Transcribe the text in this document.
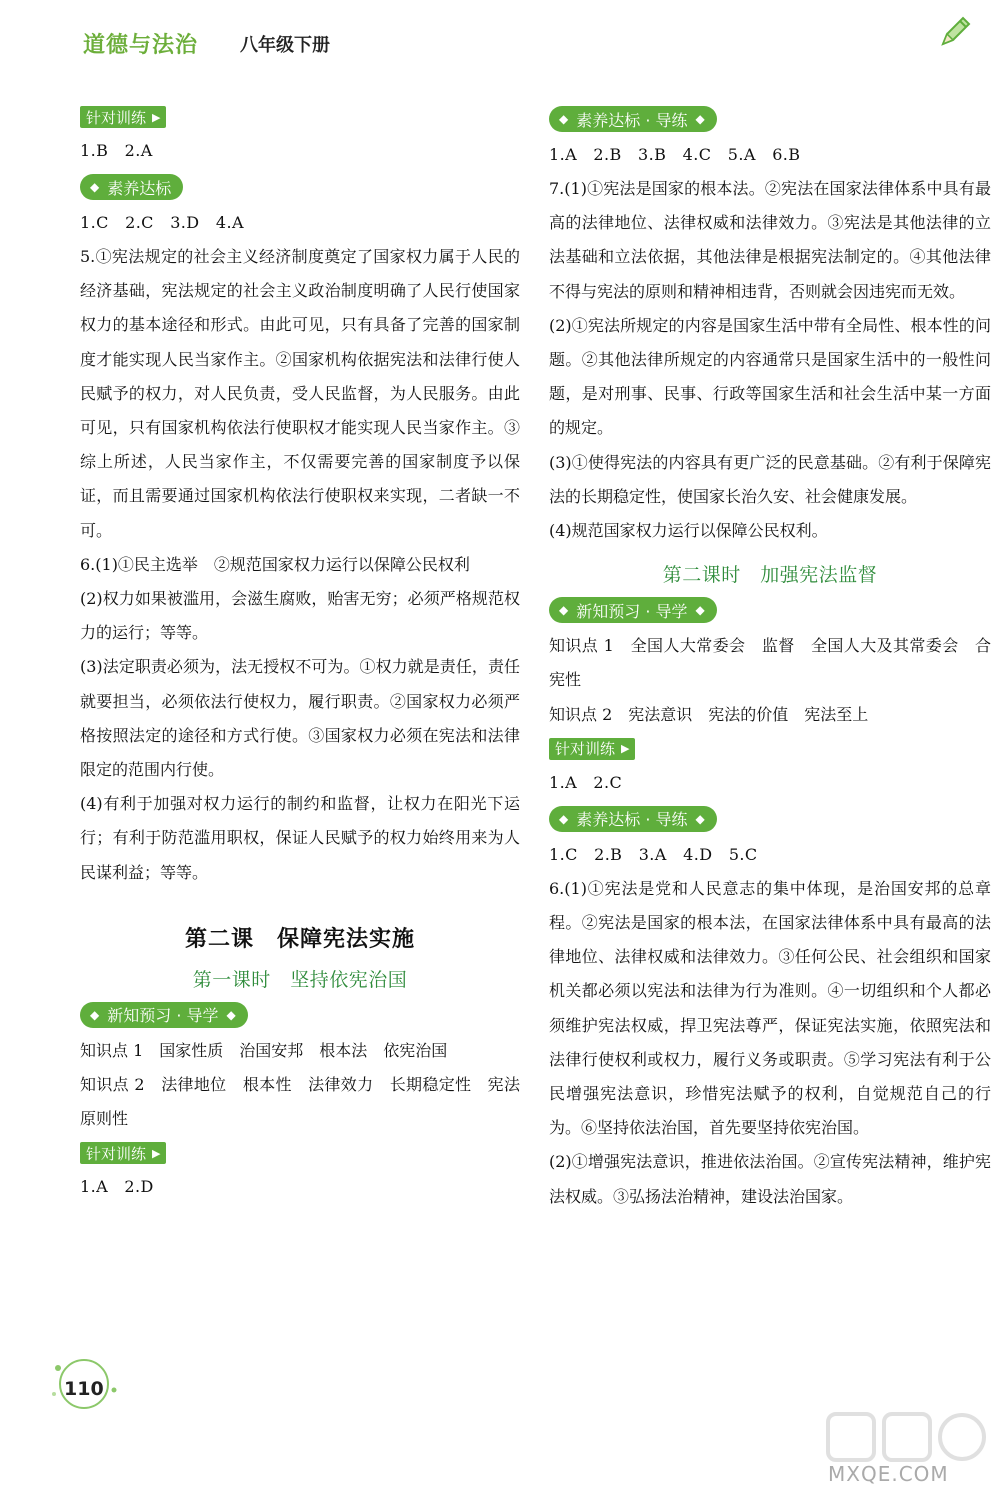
道德与法治 八年级下册
针对训练 ▶
1.B　2.A
◆ 素养达标
1.C　2.C　3.D　4.A
5.①宪法规定的社会主义经济制度奠定了国家权力属于人民的经济基础，宪法规定的社会主义政治制度明确了人民行使国家权力的基本途径和形式。由此可见，只有具备了完善的国家制度才能实现人民当家作主。②国家机构依据宪法和法律行使人民赋予的权力，对人民负责，受人民监督，为人民服务。由此可见，只有国家机构依法行使职权才能实现人民当家作主。③综上所述，人民当家作主，不仅需要完善的国家制度予以保证，而且需要通过国家机构依法行使职权来实现，二者缺一不可。
6.(1)①民主选举　②规范国家权力运行以保障公民权利
(2)权力如果被滥用，会滋生腐败，贻害无穷；必须严格规范权力的运行；等等。
(3)法定职责必须为，法无授权不可为。①权力就是责任，责任就要担当，必须依法行使权力，履行职责。②国家权力必须严格按照法定的途径和方式行使。③国家权力必须在宪法和法律限定的范围内行使。
(4)有利于加强对权力运行的制约和监督，让权力在阳光下运行；有利于防范滥用职权，保证人民赋予的权力始终用来为人民谋利益；等等。
第二课　保障宪法实施
第一课时　坚持依宪治国
◆ 新知预习 · 导学 ◆
知识点 1　国家性质　治国安邦　根本法　依宪治国
知识点 2　法律地位　根本性　法律效力　长期稳定性　宪法　原则性
针对训练 ▶
1.A　2.D
◆ 素养达标 · 导练 ◆
1.A　2.B　3.B　4.C　5.A　6.B
7.(1)①宪法是国家的根本法。②宪法在国家法律体系中具有最高的法律地位、法律权威和法律效力。③宪法是其他法律的立法基础和立法依据，其他法律是根据宪法制定的。④其他法律不得与宪法的原则和精神相违背，否则就会因违宪而无效。
(2)①宪法所规定的内容是国家生活中带有全局性、根本性的问题。②其他法律所规定的内容通常只是国家生活中的一般性问题，是对刑事、民事、行政等国家生活和社会生活中某一方面的规定。
(3)①使得宪法的内容具有更广泛的民意基础。②有利于保障宪法的长期稳定性，使国家长治久安、社会健康发展。
(4)规范国家权力运行以保障公民权利。
第二课时　加强宪法监督
◆ 新知预习 · 导学 ◆
知识点 1　全国人大常委会　监督　全国人大及其常委会　合宪性
知识点 2　宪法意识　宪法的价值　宪法至上
针对训练 ▶
1.A　2.C
◆ 素养达标 · 导练 ◆
1.C　2.B　3.A　4.D　5.C
6.(1)①宪法是党和人民意志的集中体现，是治国安邦的总章程。②宪法是国家的根本法，在国家法律体系中具有最高的法律地位、法律权威和法律效力。③任何公民、社会组织和国家机关都必须以宪法和法律为行为准则。④一切组织和个人都必须维护宪法权威，捍卫宪法尊严，保证宪法实施，依照宪法和法律行使权利或权力，履行义务或职责。⑤学习宪法有利于公民增强宪法意识，珍惜宪法赋予的权利，自觉规范自己的行为。⑥坚持依法治国，首先要坚持依宪治国。
(2)①增强宪法意识，推进依法治国。②宣传宪法精神，维护宪法权威。③弘扬法治精神，建设法治国家。
110
MXQE.COM
